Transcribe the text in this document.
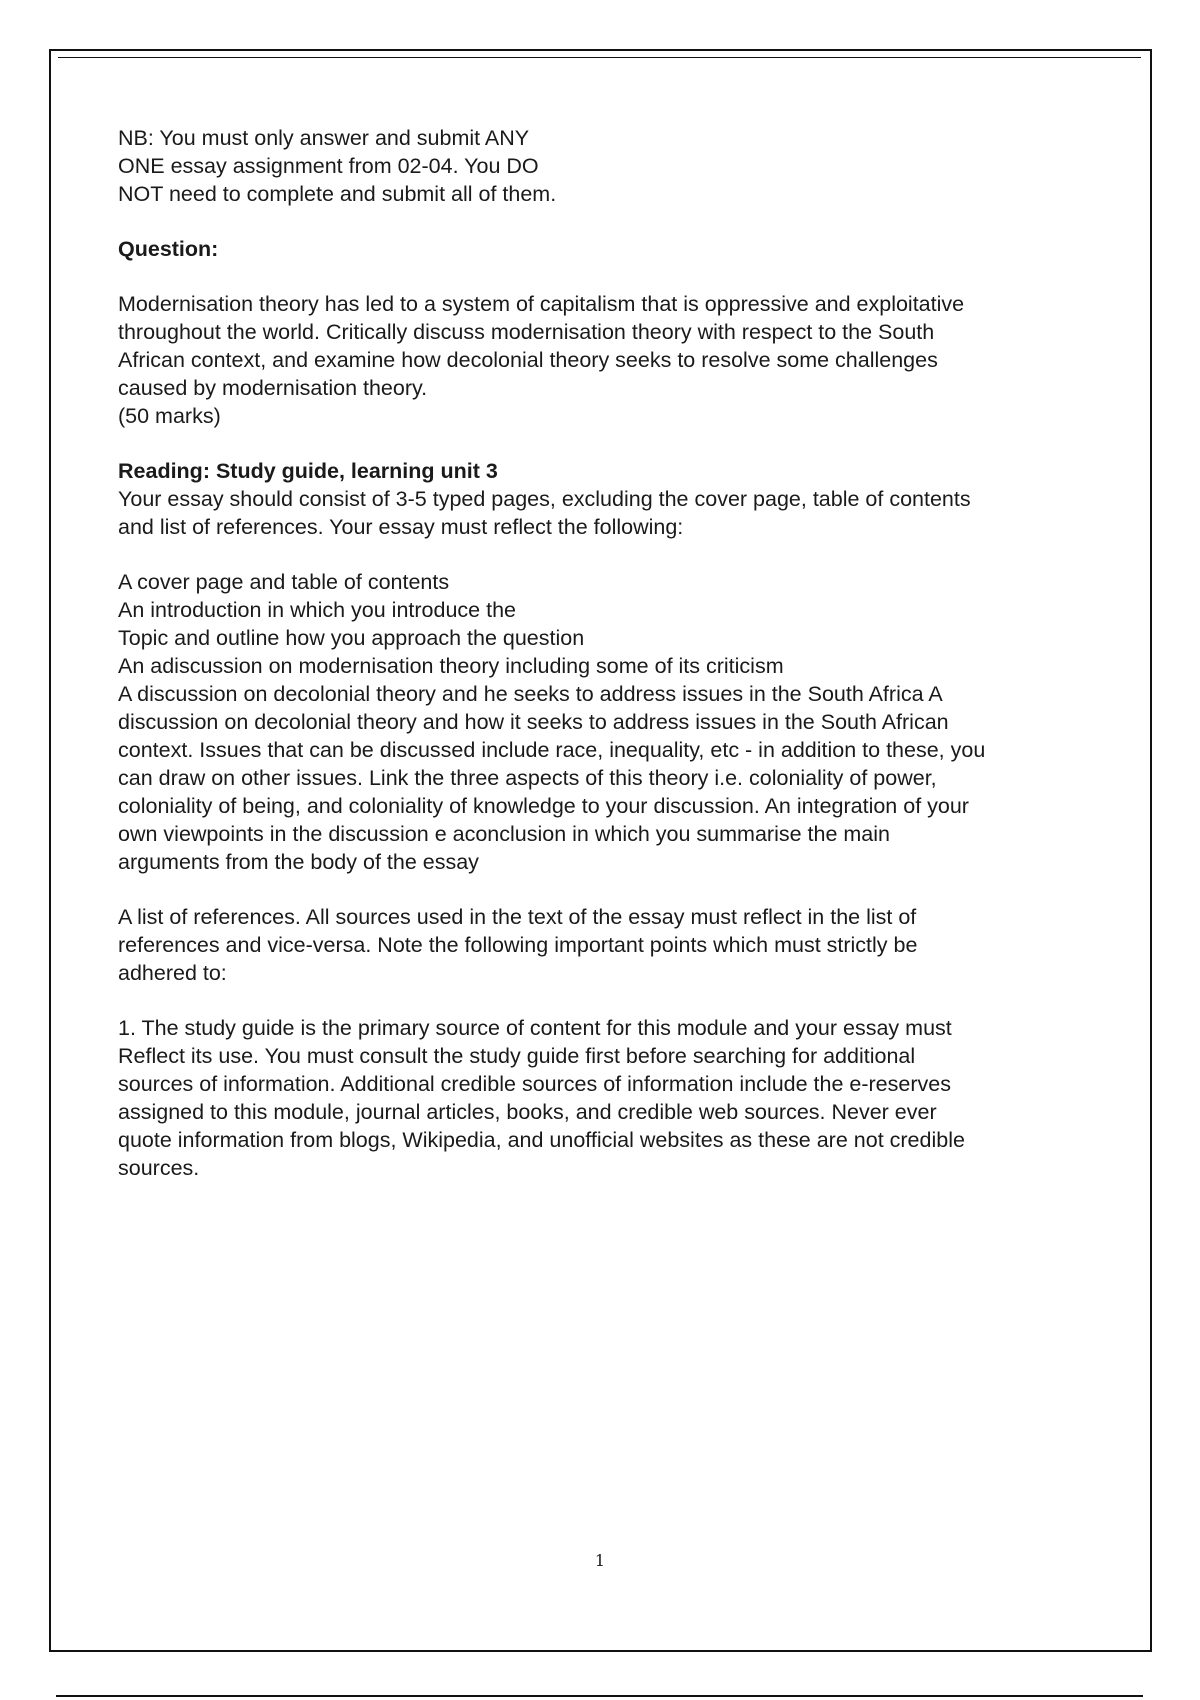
NB: You must only answer and submit ANY
ONE essay assignment from 02-04. You DO
NOT need to complete and submit all of them.

Question:

Modernisation theory has led to a system of capitalism that is oppressive and exploitative
throughout the world. Critically discuss modernisation theory with respect to the South
African context, and examine how decolonial theory seeks to resolve some challenges
caused by modernisation theory.
(50 marks)

Reading: Study guide, learning unit 3
Your essay should consist of 3-5 typed pages, excluding the cover page, table of contents
and list of references. Your essay must reflect the following:

A cover page and table of contents
An introduction in which you introduce the
Topic and outline how you approach the question
An adiscussion on modernisation theory including some of its criticism
A discussion on decolonial theory and he seeks to address issues in the South Africa A
discussion on decolonial theory and how it seeks to address issues in the South African
context. Issues that can be discussed include race, inequality, etc - in addition to these, you
can draw on other issues. Link the three aspects of this theory i.e. coloniality of power,
coloniality of being, and coloniality of knowledge to your discussion. An integration of your
own viewpoints in the discussion e aconclusion in which you summarise the main
arguments from the body of the essay

A list of references. All sources used in the text of the essay must reflect in the list of
references and vice-versa. Note the following important points which must strictly be
adhered to:

1. The study guide is the primary source of content for this module and your essay must
Reflect its use. You must consult the study guide first before searching for additional
sources of information. Additional credible sources of information include the e-reserves
assigned to this module, journal articles, books, and credible web sources. Never ever
quote information from blogs, Wikipedia, and unofficial websites as these are not credible
sources.

1
